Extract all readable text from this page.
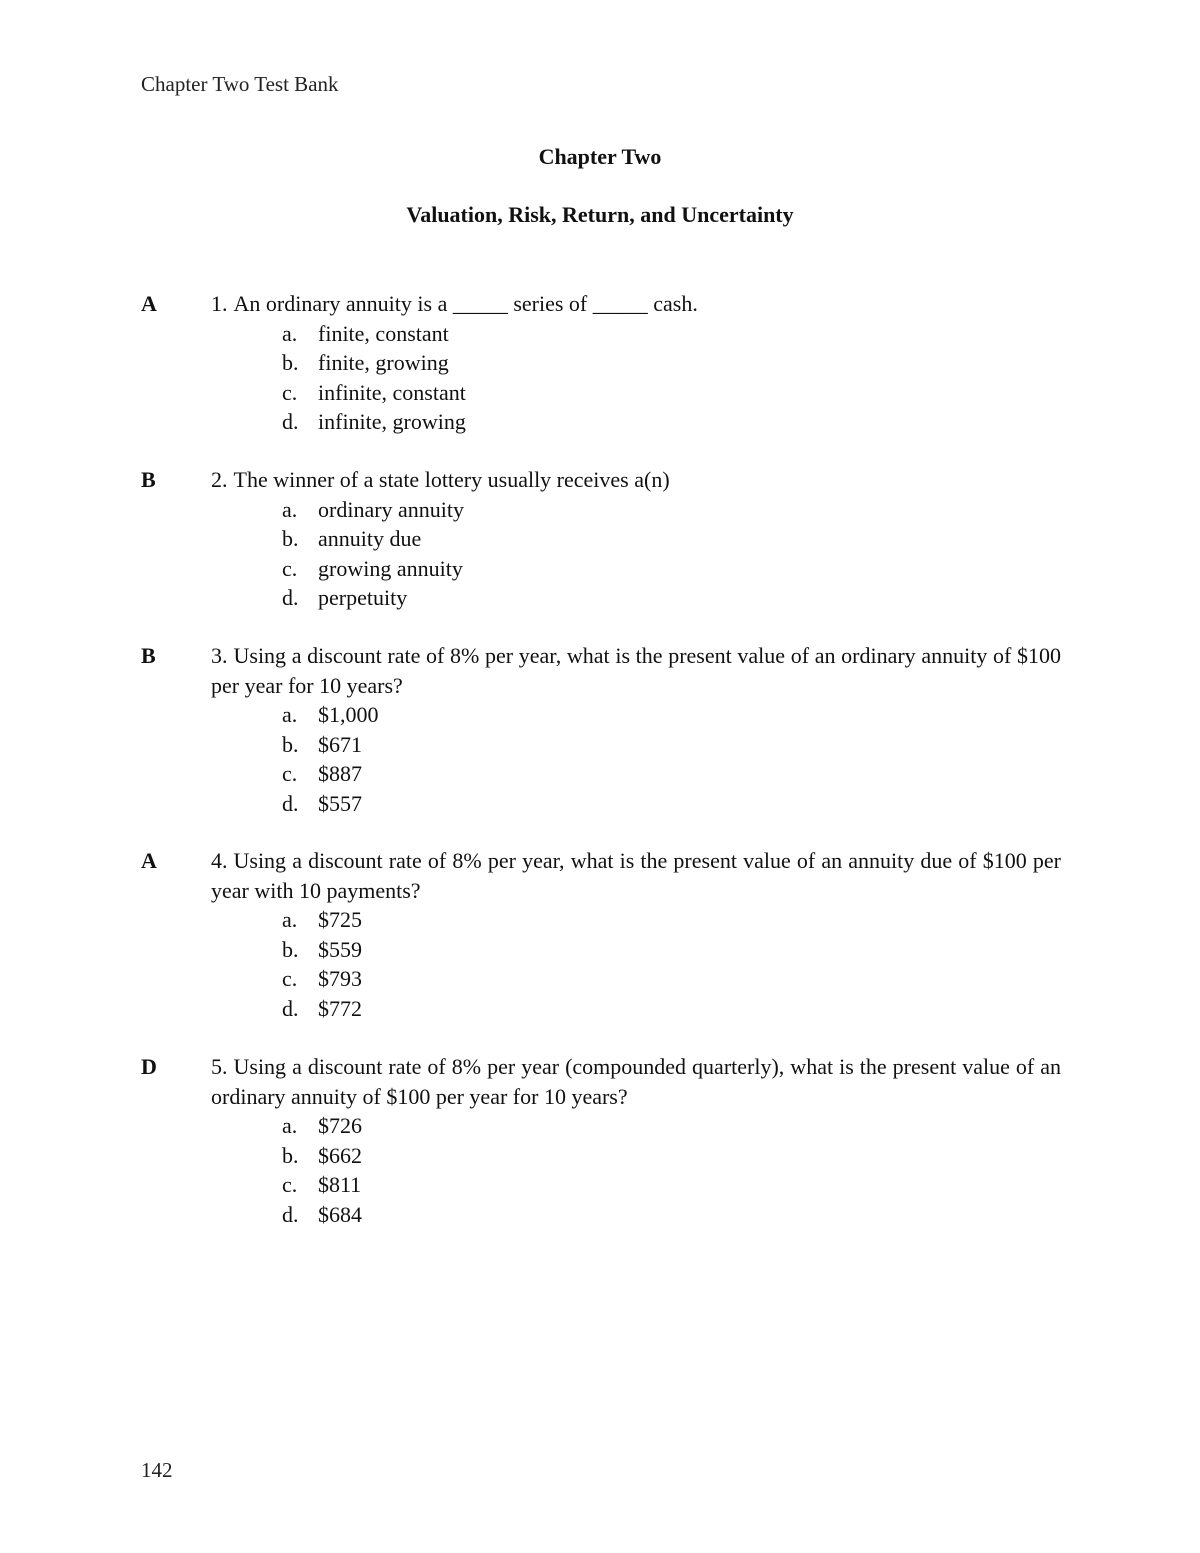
Chapter Two Test Bank
Chapter Two
Valuation, Risk, Return, and Uncertainty
A	1. An ordinary annuity is a _____ series of _____ cash.
a. finite, constant
b. finite, growing
c. infinite, constant
d. infinite, growing
B	2. The winner of a state lottery usually receives a(n)
a. ordinary annuity
b. annuity due
c. growing annuity
d. perpetuity
B	3. Using a discount rate of 8% per year, what is the present value of an ordinary annuity of $100 per year for 10 years?
a. $1,000
b. $671
c. $887
d. $557
A	4. Using a discount rate of 8% per year, what is the present value of an annuity due of $100 per year with 10 payments?
a. $725
b. $559
c. $793
d. $772
D	5. Using a discount rate of 8% per year (compounded quarterly), what is the present value of an ordinary annuity of $100 per year for 10 years?
a. $726
b. $662
c. $811
d. $684
142
